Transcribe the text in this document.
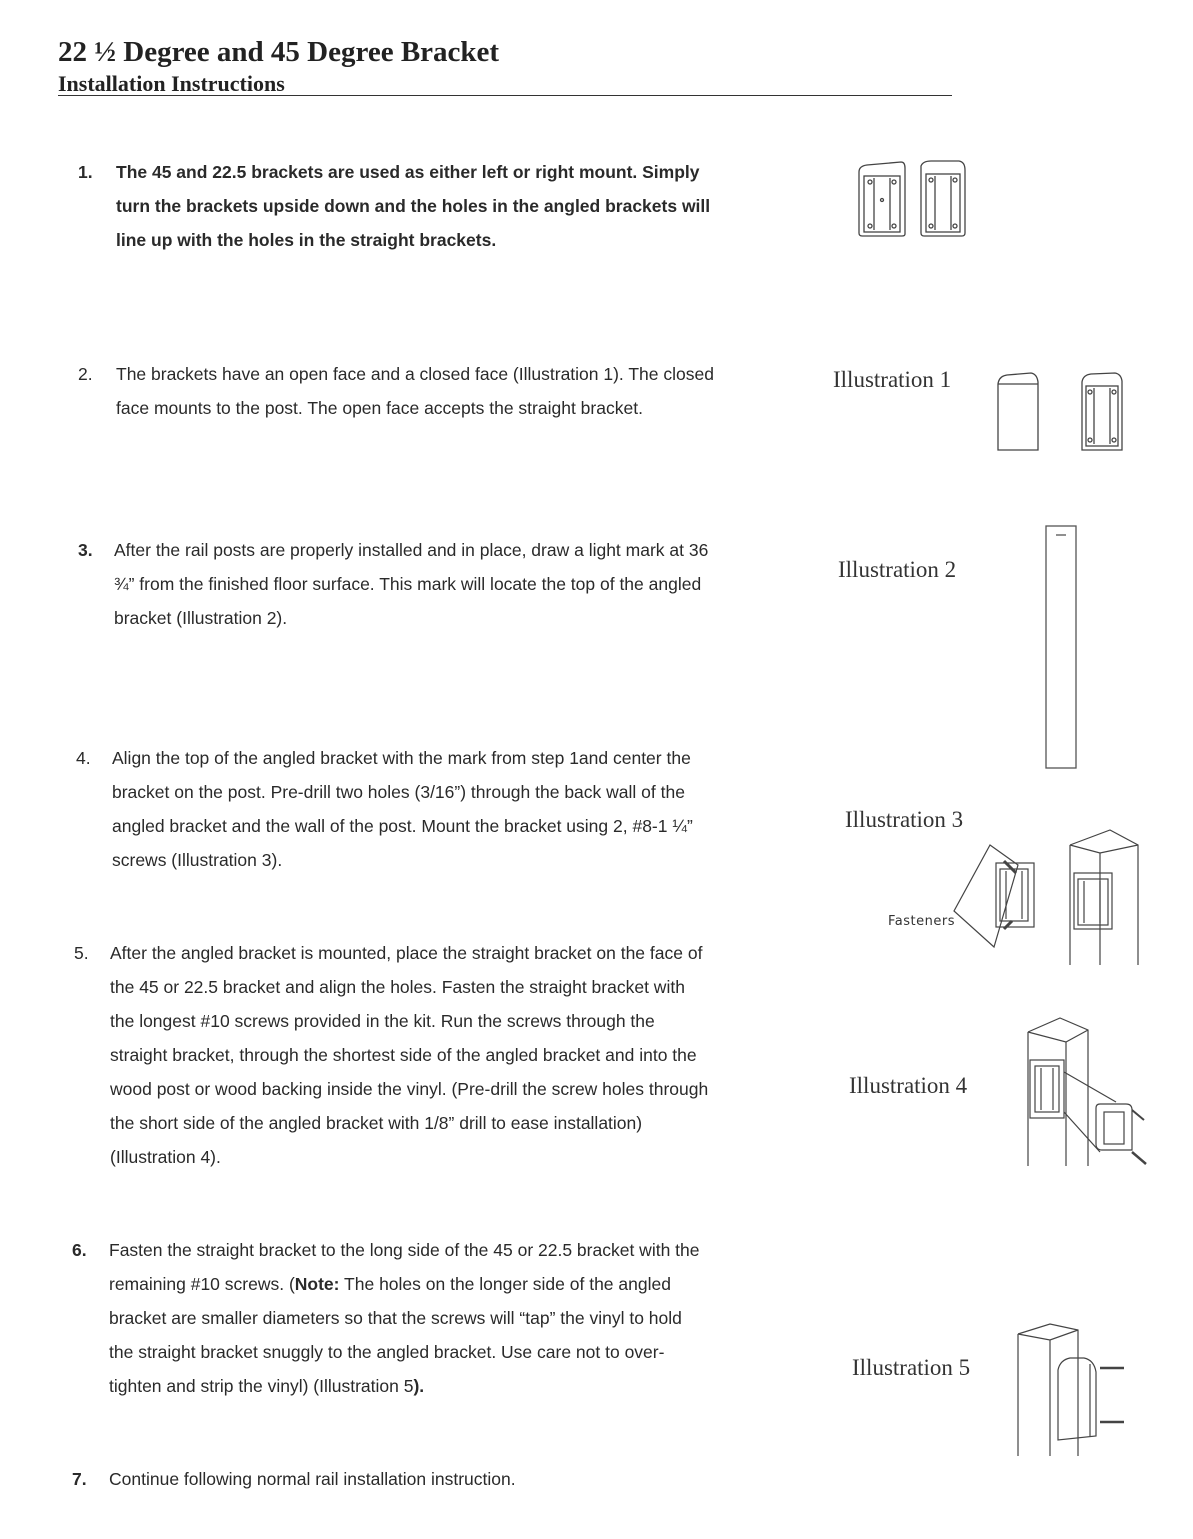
22 ½ Degree and 45 Degree Bracket
Installation Instructions
1.	The 45 and 22.5 brackets are used as either left or right mount. Simply
turn the brackets upside down and the holes in the angled brackets will
line up with the holes in the straight brackets.
2.	The brackets have an open face and a closed face (Illustration 1). The closed
face mounts to the post. The open face accepts the straight bracket.
3.	After the rail posts are properly installed and in place, draw a light mark at 36
¾” from the finished floor surface. This mark will locate the top of the angled
bracket (Illustration 2).
4.	Align the top of the angled bracket with the mark from step 1and center the
bracket on the post. Pre-drill two holes (3/16”) through the back wall of the
angled bracket and the wall of the post. Mount the bracket using 2, #8-1 ¼”
screws (Illustration 3).
5.	After the angled bracket is mounted, place the straight bracket on the face of
the 45 or 22.5 bracket and align the holes. Fasten the straight bracket with
the longest #10 screws provided in the kit. Run the screws through the
straight bracket, through the shortest side of the angled bracket and into the
wood post or wood backing inside the vinyl. (Pre-drill the screw holes through
the short side of the angled bracket with 1/8” drill to ease installation)
(Illustration 4).
6.	Fasten the straight bracket to the long side of the 45 or 22.5 bracket with the
remaining #10 screws. (Note: The holes on the longer side of the angled
bracket are smaller diameters so that the screws will “tap” the vinyl to hold
the straight bracket snuggly to the angled bracket. Use care not to over-
tighten and strip the vinyl) (Illustration 5).
7.	Continue following normal rail installation instruction.
Illustration 1
Illustration 2
Illustration 3
Illustration 4
Illustration 5
Fasteners
